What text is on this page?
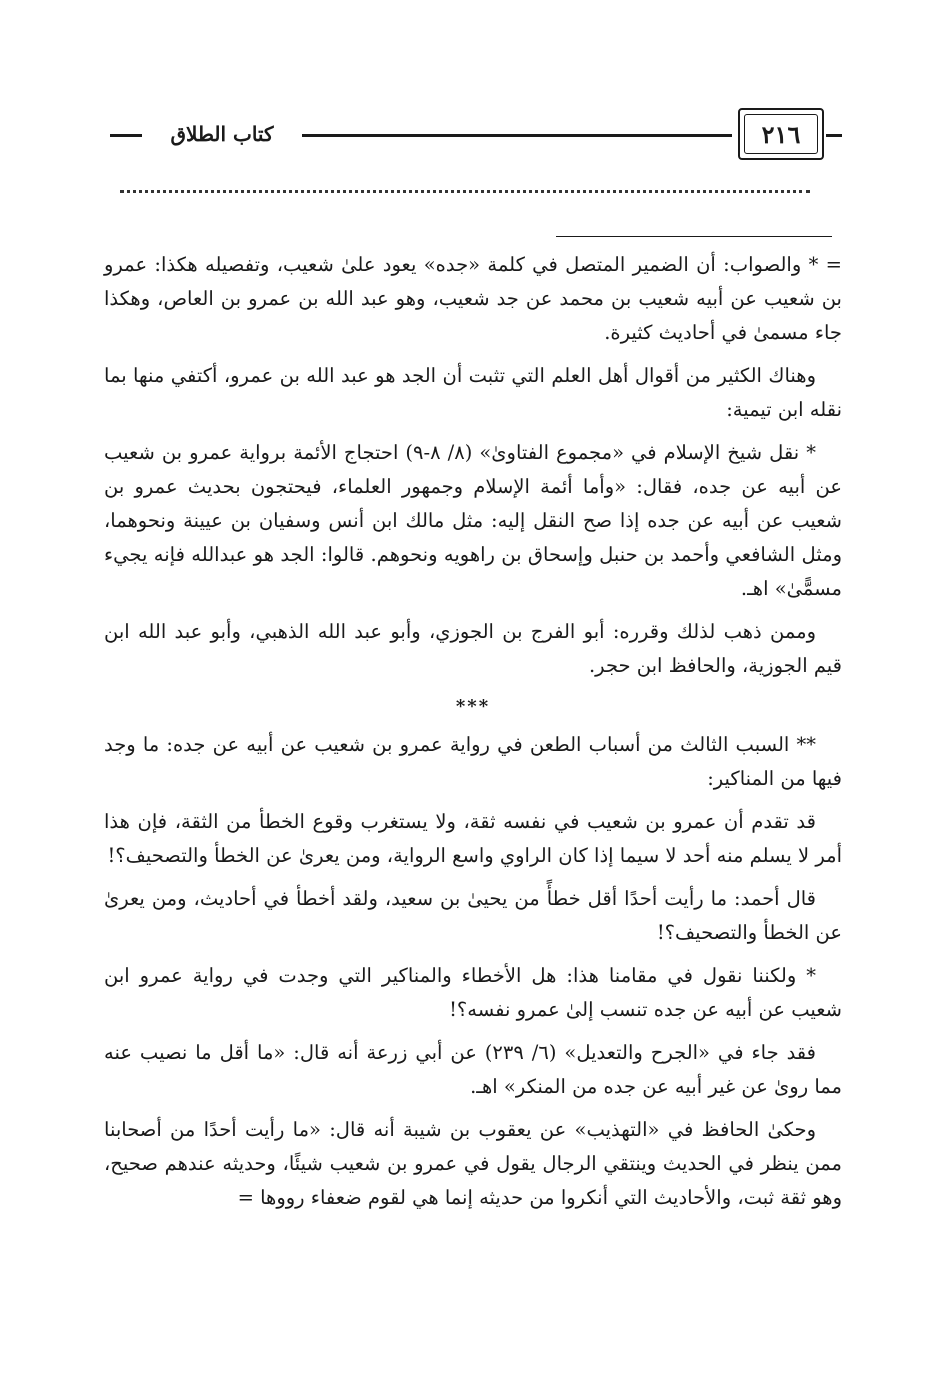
كتاب الطلاق	٢١٦

= * والصواب: أن الضمير المتصل في كلمة «جده» يعود علىٰ شعيب، وتفصيله هكذا: عمرو بن شعيب عن أبيه شعيب بن محمد عن جد شعيب، وهو عبد الله بن عمرو بن العاص، وهكذا جاء مسمىٰ في أحاديث كثيرة.

وهناك الكثير من أقوال أهل العلم التي تثبت أن الجد هو عبد الله بن عمرو، أكتفي منها بما نقله ابن تيمية:

* نقل شيخ الإسلام في «مجموع الفتاوىٰ» (٨/ ٨-٩) احتجاج الأئمة برواية عمرو بن شعيب عن أبيه عن جده، فقال: «وأما أئمة الإسلام وجمهور العلماء، فيحتجون بحديث عمرو بن شعيب عن أبيه عن جده إذا صح النقل إليه: مثل مالك ابن أنس وسفيان بن عيينة ونحوهما، ومثل الشافعي وأحمد بن حنبل وإسحاق بن راهويه ونحوهم. قالوا: الجد هو عبدالله فإنه يجيء مسمًّىٰ» اهـ.

وممن ذهب لذلك وقرره: أبو الفرج بن الجوزي، وأبو عبد الله الذهبي، وأبو عبد الله ابن قيم الجوزية، والحافظ ابن حجر.

***

** السبب الثالث من أسباب الطعن في رواية عمرو بن شعيب عن أبيه عن جده: ما وجد فيها من المناكير:

قد تقدم أن عمرو بن شعيب في نفسه ثقة، ولا يستغرب وقوع الخطأ من الثقة، فإن هذا أمر لا يسلم منه أحد لا سيما إذا كان الراوي واسع الرواية، ومن يعرىٰ عن الخطأ والتصحيف؟!

قال أحمد: ما رأيت أحدًا أقل خطأً من يحيىٰ بن سعيد، ولقد أخطأ في أحاديث، ومن يعرىٰ عن الخطأ والتصحيف؟!

* ولكننا نقول في مقامنا هذا: هل الأخطاء والمناكير التي وجدت في رواية عمرو ابن شعيب عن أبيه عن جده تنسب إلىٰ عمرو نفسه؟!

فقد جاء في «الجرح والتعديل» (٦/ ٢٣٩) عن أبي زرعة أنه قال: «ما أقل ما نصيب عنه مما روىٰ عن غير أبيه عن جده من المنكر» اهـ.

وحكىٰ الحافظ في «التهذيب» عن يعقوب بن شيبة أنه قال: «ما رأيت أحدًا من أصحابنا ممن ينظر في الحديث وينتقي الرجال يقول في عمرو بن شعيب شيئًا، وحديثه عندهم صحيح، وهو ثقة ثبت، والأحاديث التي أنكروا من حديثه إنما هي لقوم ضعفاء رووها =
